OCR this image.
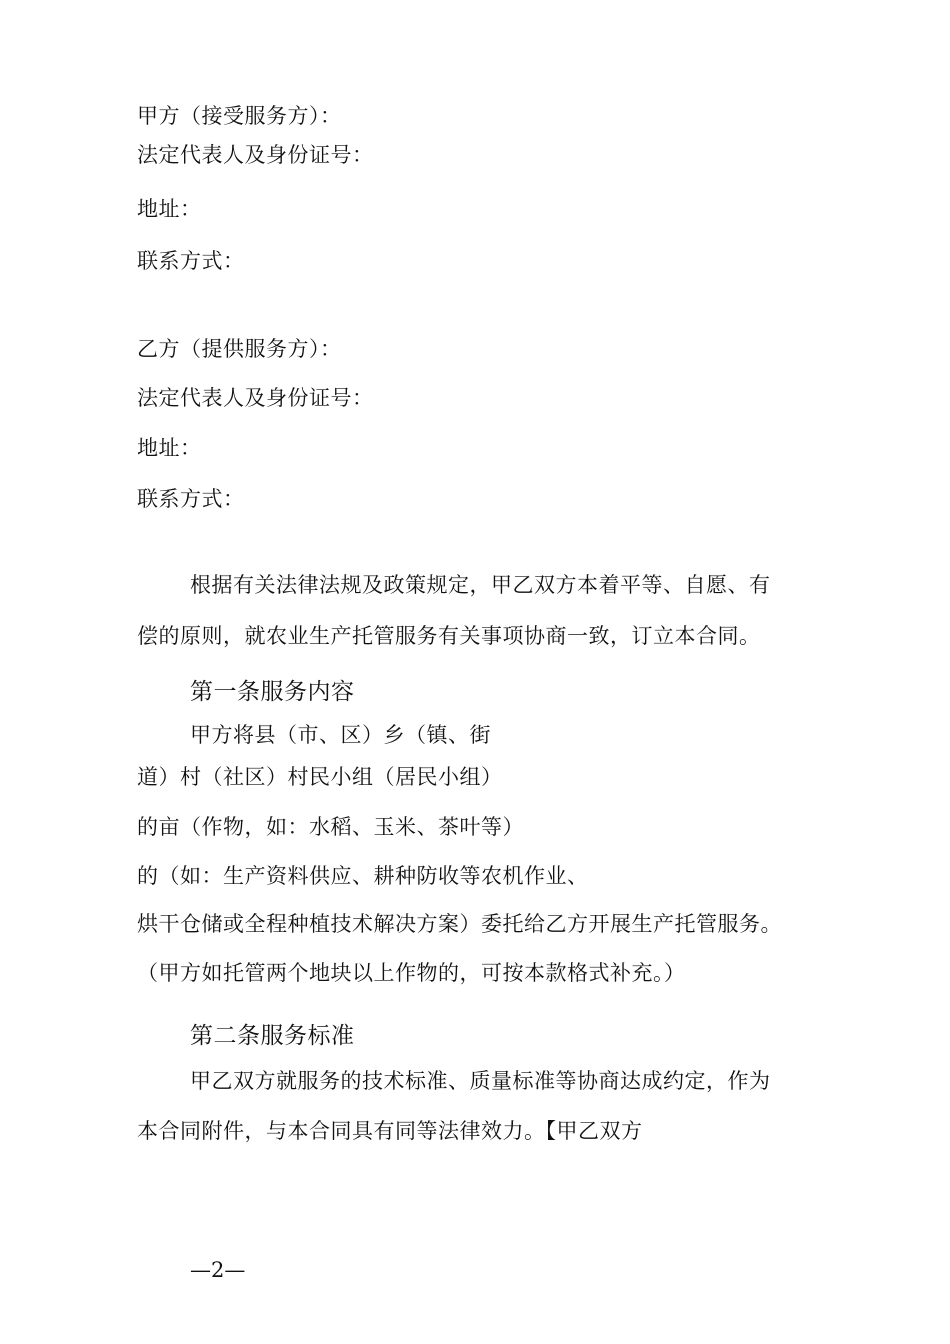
甲方（接受服务方）：
法定代表人及身份证号：
地址：
联系方式：
乙方（提供服务方）：
法定代表人及身份证号：
地址：
联系方式：
根据有关法律法规及政策规定，甲乙双方本着平等、自愿、有
偿的原则，就农业生产托管服务有关事项协商一致，订立本合同。
第一条服务内容
甲方将县（市、区）乡（镇、街
道）村（社区）村民小组（居民小组）
的亩（作物，如：水稻、玉米、茶叶等）
的（如：生产资料供应、耕种防收等农机作业、
烘干仓储或全程种植技术解决方案）委托给乙方开展生产托管服务。
（甲方如托管两个地块以上作物的，可按本款格式补充。）
第二条服务标准
甲乙双方就服务的技术标准、质量标准等协商达成约定，作为
本合同附件，与本合同具有同等法律效力。【甲乙双方
—2—
